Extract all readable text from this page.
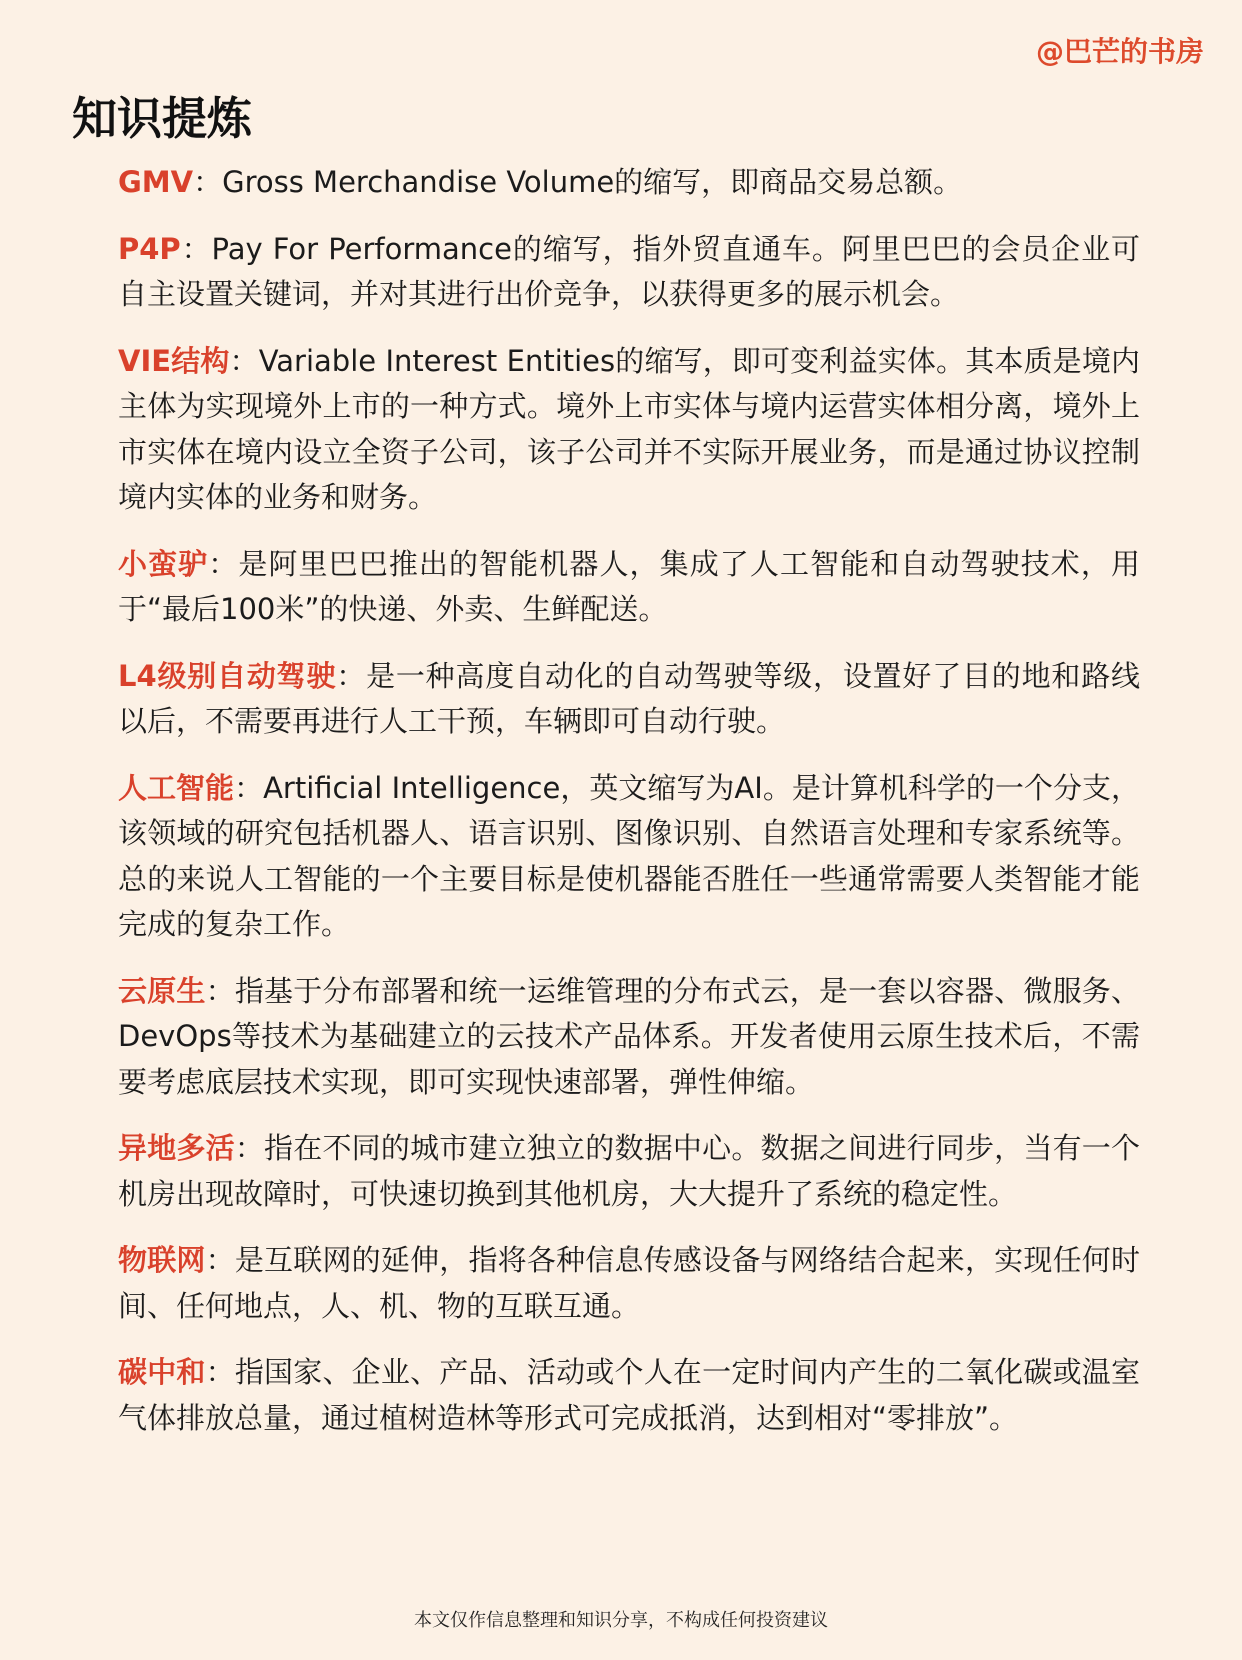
@巴芒的书房
知识提炼

GMV：Gross Merchandise Volume的缩写，即商品交易总额。

P4P：Pay For Performance的缩写，指外贸直通车。阿里巴巴的会员企业可自主设置关键词，并对其进行出价竞争，以获得更多的展示机会。

VIE结构：Variable Interest Entities的缩写，即可变利益实体。其本质是境内主体为实现境外上市的一种方式。境外上市实体与境内运营实体相分离，境外上市实体在境内设立全资子公司，该子公司并不实际开展业务，而是通过协议控制境内实体的业务和财务。

小蛮驴：是阿里巴巴推出的智能机器人，集成了人工智能和自动驾驶技术，用于“最后100米”的快递、外卖、生鲜配送。

L4级别自动驾驶：是一种高度自动化的自动驾驶等级，设置好了目的地和路线以后，不需要再进行人工干预，车辆即可自动行驶。

人工智能：Artificial Intelligence，英文缩写为AI。是计算机科学的一个分支，该领域的研究包括机器人、语言识别、图像识别、自然语言处理和专家系统等。总的来说人工智能的一个主要目标是使机器能否胜任一些通常需要人类智能才能完成的复杂工作。

云原生：指基于分布部署和统一运维管理的分布式云，是一套以容器、微服务、DevOps等技术为基础建立的云技术产品体系。开发者使用云原生技术后，不需要考虑底层技术实现，即可实现快速部署，弹性伸缩。

异地多活：指在不同的城市建立独立的数据中心。数据之间进行同步，当有一个机房出现故障时，可快速切换到其他机房，大大提升了系统的稳定性。

物联网：是互联网的延伸，指将各种信息传感设备与网络结合起来，实现任何时间、任何地点，人、机、物的互联互通。

碳中和：指国家、企业、产品、活动或个人在一定时间内产生的二氧化碳或温室气体排放总量，通过植树造林等形式可完成抵消，达到相对“零排放”。

本文仅作信息整理和知识分享，不构成任何投资建议
